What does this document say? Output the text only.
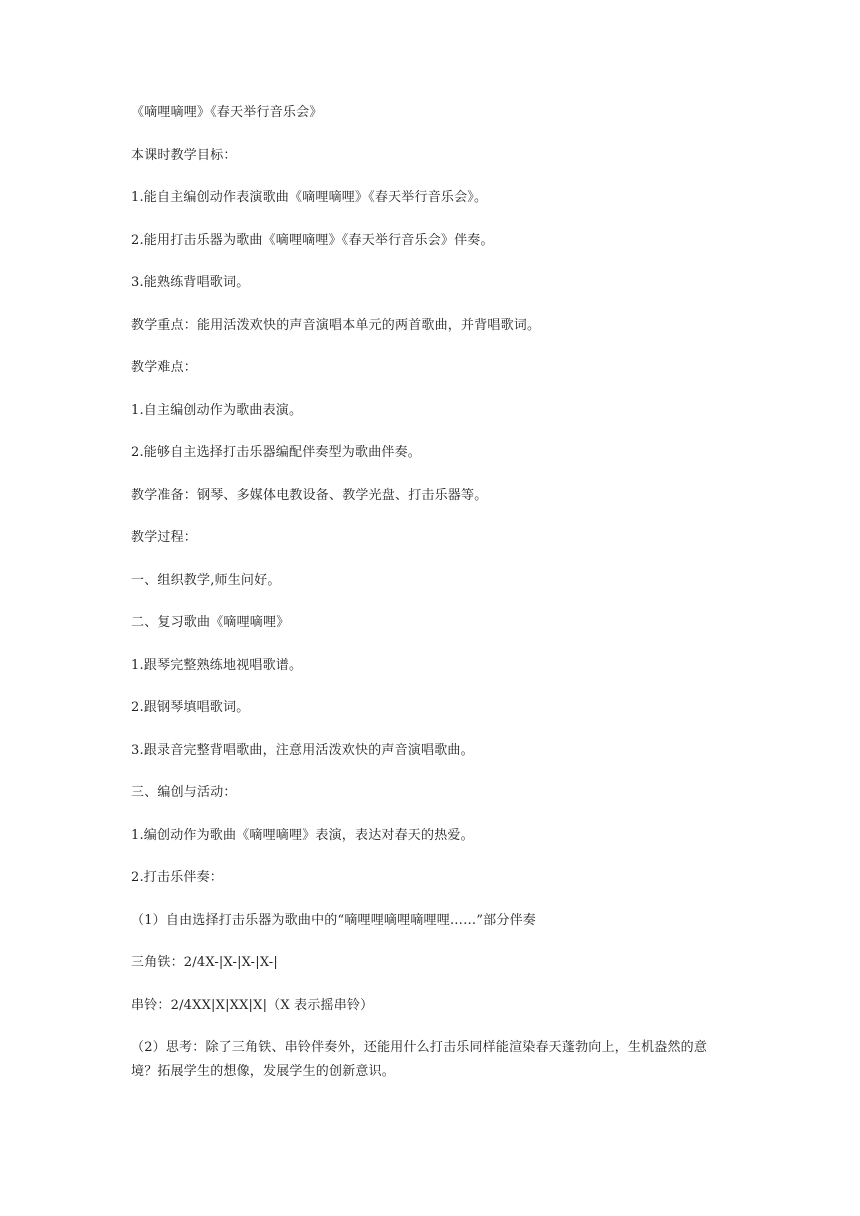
《嘀哩嘀哩》《春天举行音乐会》

本课时教学目标：

1.能自主编创动作表演歌曲《嘀哩嘀哩》《春天举行音乐会》。

2.能用打击乐器为歌曲《嘀哩嘀哩》《春天举行音乐会》伴奏。

3.能熟练背唱歌词。

教学重点：能用活泼欢快的声音演唱本单元的两首歌曲，并背唱歌词。

教学难点：

1.自主编创动作为歌曲表演。

2.能够自主选择打击乐器编配伴奏型为歌曲伴奏。

教学准备：钢琴、多媒体电教设备、教学光盘、打击乐器等。

教学过程：

一、组织教学,师生问好。

二、复习歌曲《嘀哩嘀哩》

1.跟琴完整熟练地视唱歌谱。

2.跟钢琴填唱歌词。

3.跟录音完整背唱歌曲，注意用活泼欢快的声音演唱歌曲。

三、编创与活动：

1.编创动作为歌曲《嘀哩嘀哩》表演，表达对春天的热爱。

2.打击乐伴奏：

（1）自由选择打击乐器为歌曲中的“嘀哩哩嘀哩嘀哩哩……”部分伴奏

三角铁：2/4X-|X-|X-|X-|

串铃：2/4XX|X|XX|X|（X 表示摇串铃）

（2）思考：除了三角铁、串铃伴奏外，还能用什么打击乐同样能渲染春天蓬勃向上，生机盎然的意境？拓展学生的想像，发展学生的创新意识。
